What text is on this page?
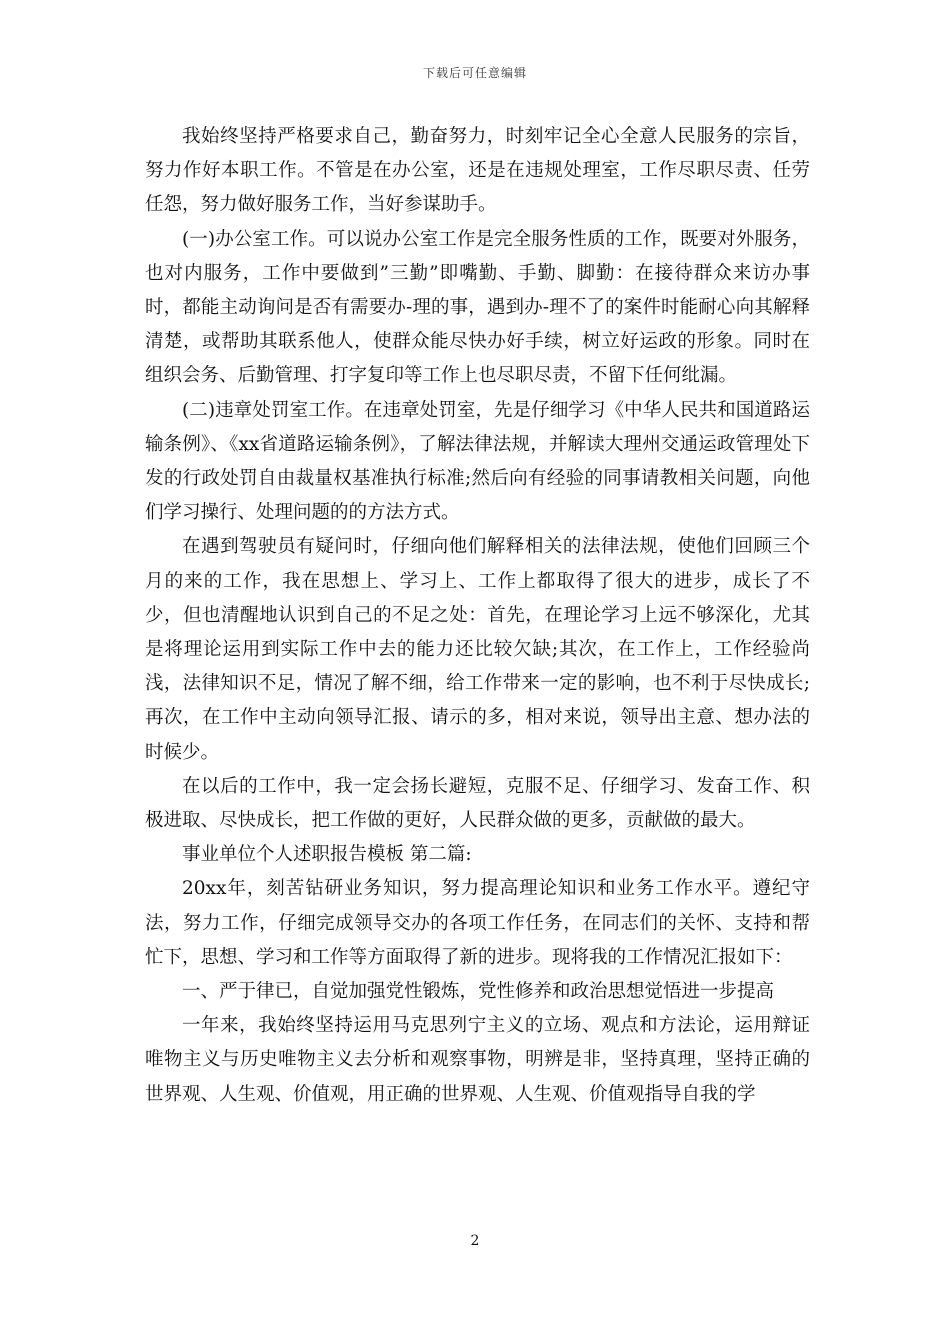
下载后可任意编辑

我始终坚持严格要求自己，勤奋努力，时刻牢记全心全意人民服务的宗旨，努力作好本职工作。不管是在办公室，还是在违规处理室，工作尽职尽责、任劳任怨，努力做好服务工作，当好参谋助手。

(一)办公室工作。可以说办公室工作是完全服务性质的工作，既要对外服务，也对内服务，工作中要做到”三勤”即嘴勤、手勤、脚勤：在接待群众来访办事时，都能主动询问是否有需要办-理的事，遇到办-理不了的案件时能耐心向其解释清楚，或帮助其联系他人，使群众能尽快办好手续，树立好运政的形象。同时在组织会务、后勤管理、打字复印等工作上也尽职尽责，不留下任何纰漏。

(二)违章处罚室工作。在违章处罚室，先是仔细学习《中华人民共和国道路运输条例》、《xx省道路运输条例》，了解法律法规，并解读大理州交通运政管理处下发的行政处罚自由裁量权基准执行标准;然后向有经验的同事请教相关问题，向他们学习操行、处理问题的的方法方式。

在遇到驾驶员有疑问时，仔细向他们解释相关的法律法规，使他们回顾三个月的来的工作，我在思想上、学习上、工作上都取得了很大的进步，成长了不少，但也清醒地认识到自己的不足之处：首先，在理论学习上远不够深化，尤其是将理论运用到实际工作中去的能力还比较欠缺;其次，在工作上，工作经验尚浅，法律知识不足，情况了解不细，给工作带来一定的影响，也不利于尽快成长;再次，在工作中主动向领导汇报、请示的多，相对来说，领导出主意、想办法的时候少。

在以后的工作中，我一定会扬长避短，克服不足、仔细学习、发奋工作、积极进取、尽快成长，把工作做的更好，人民群众做的更多，贡献做的最大。

事业单位个人述职报告模板 第二篇:

20xx年，刻苦钻研业务知识，努力提高理论知识和业务工作水平。遵纪守法，努力工作，仔细完成领导交办的各项工作任务，在同志们的关怀、支持和帮忙下，思想、学习和工作等方面取得了新的进步。现将我的工作情况汇报如下：

一、严于律已，自觉加强党性锻炼，党性修养和政治思想觉悟进一步提高

一年来，我始终坚持运用马克思列宁主义的立场、观点和方法论，运用辩证唯物主义与历史唯物主义去分析和观察事物，明辨是非，坚持真理，坚持正确的世界观、人生观、价值观，用正确的世界观、人生观、价值观指导自我的学

2
